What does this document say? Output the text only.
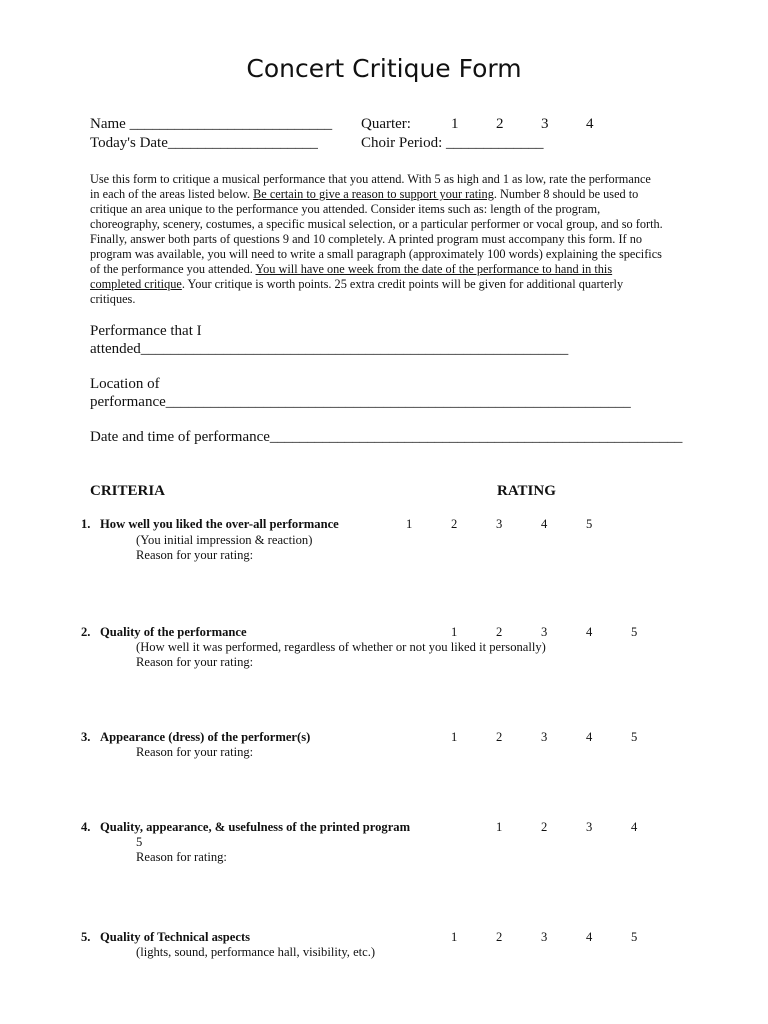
Concert Critique Form
Name ___________________________ Quarter:	1	2	3	4
Today's Date____________________	Choir Period: _____________
Use this form to critique a musical performance that you attend. With 5 as high and 1 as low, rate the performance
in each of the areas listed below. Be certain to give a reason to support your rating. Number 8 should be used to
critique an area unique to the performance you attended. Consider items such as: length of the program,
choreography, scenery, costumes, a specific musical selection, or a particular performer or vocal group, and so forth.
Finally, answer both parts of questions 9 and 10 completely. A printed program must accompany this form. If no
program was available, you will need to write a small paragraph (approximately 100 words) explaining the specifics
of the performance you attended. You will have one week from the date of the performance to hand in this
completed critique. Your critique is worth points. 25 extra credit points will be given for additional quarterly
critiques.
Performance that I
attended_________________________________________________________
Location of
performance______________________________________________________________
Date and time of performance_______________________________________________________
CRITERIA	RATING
1. How well you liked the over-all performance	1	2	3	4	5
(You initial impression & reaction)
Reason for your rating:
2. Quality of the performance	1	2	3	4	5
(How well it was performed, regardless of whether or not you liked it personally)
Reason for your rating:
3. Appearance (dress) of the performer(s)	1	2	3	4	5
Reason for your rating:
4. Quality, appearance, & usefulness of the printed program	1	2	3	4
5
Reason for rating:
5. Quality of Technical aspects	1	2	3	4	5
(lights, sound, performance hall, visibility, etc.)
